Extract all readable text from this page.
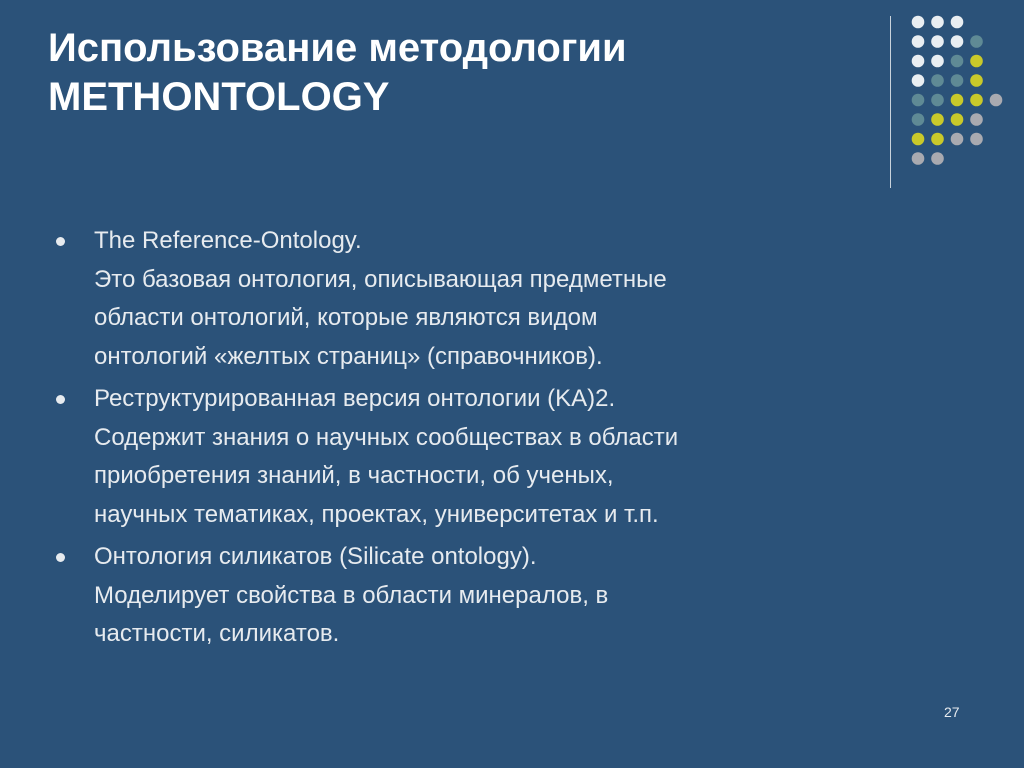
Использование методологии
METHONTOLOGY
The Reference-Ontology.
Это базовая онтология, описывающая предметные
области онтологий, которые являются видом
онтологий «желтых страниц» (справочников).
Реструктурированная версия онтологии (KA)2.
Содержит знания о научных сообществах в области
приобретения знаний, в частности, об ученых,
научных тематиках, проектах, университетах и т.п.
Онтология силикатов (Silicate ontology).
Моделирует свойства в области минералов, в
частности, силикатов.
27
